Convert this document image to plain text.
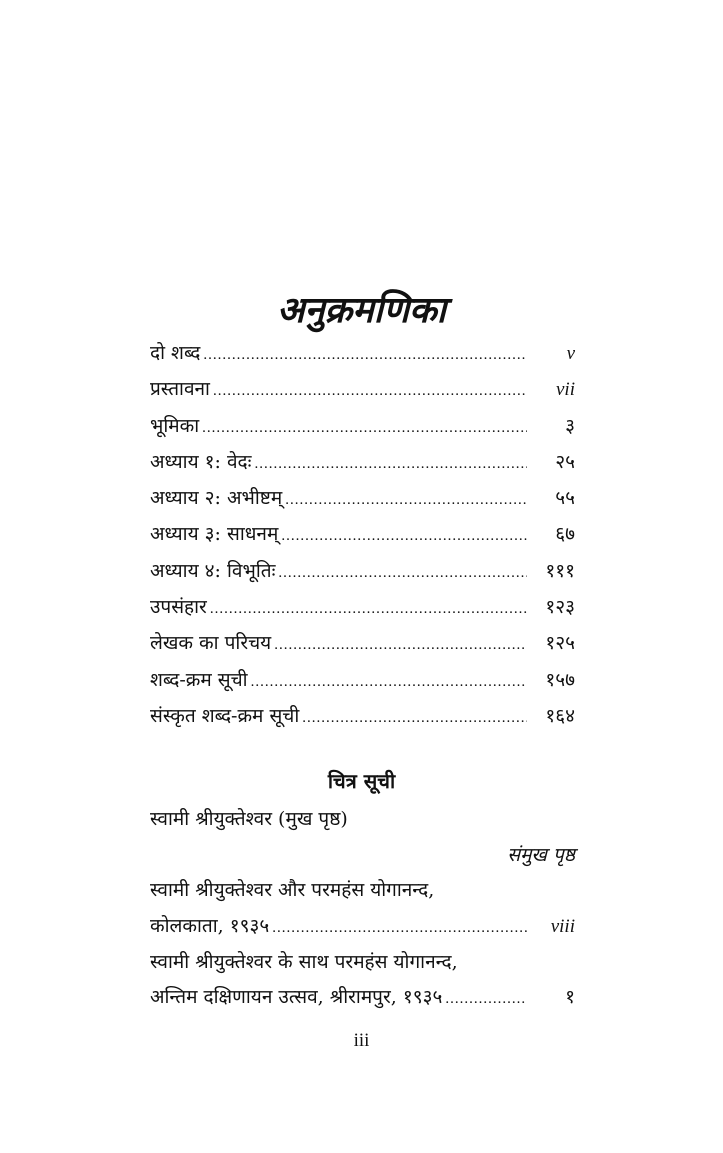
अनुक्रमणिका
दो शब्द .....	v
प्रस्तावना .....	vii
भूमिका .....	३
अध्याय १: वेदः .....	२५
अध्याय २: अभीष्टम् .....	५५
अध्याय ३: साधनम् .....	६७
अध्याय ४: विभूतिः .....	१११
उपसंहार .....	१२३
लेखक का परिचय .....	१२५
शब्द-क्रम सूची .....	१५७
संस्कृत शब्द-क्रम सूची .....	१६४
चित्र सूची
स्वामी श्रीयुक्तेश्वर (मुख पृष्ठ)
संमुख पृष्ठ
स्वामी श्रीयुक्तेश्वर और परमहंस योगानन्द,
कोलकाता, १९३५ .....	viii
स्वामी श्रीयुक्तेश्वर के साथ परमहंस योगानन्द,
अन्तिम दक्षिणायन उत्सव, श्रीरामपुर, १९३५ .....	१
iii
